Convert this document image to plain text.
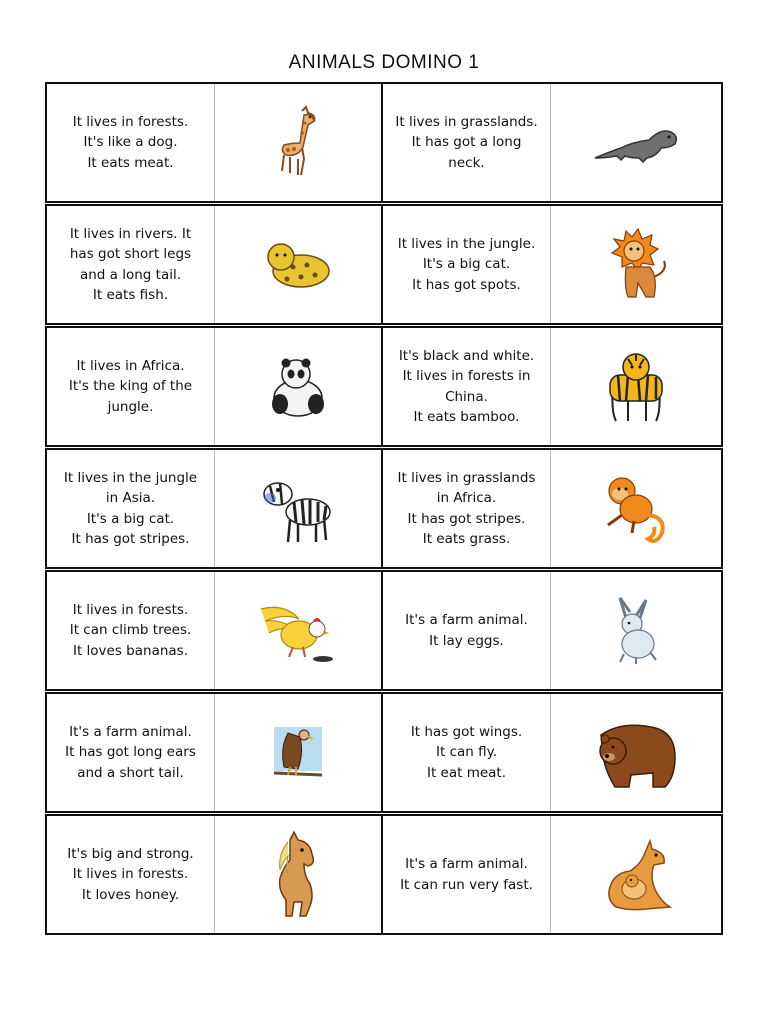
ANIMALS DOMINO 1
It lives in forests.
It's like a dog.
It eats meat.
It lives in grasslands.
It has got a long
neck.
It lives in rivers. It
has got short legs
and a long tail.
It eats fish.
It lives in the jungle.
It's a big cat.
It has got spots.
It lives in Africa.
It's the king of the
jungle.
It's black and white.
It lives in forests in
China.
It eats bamboo.
It lives in the jungle
in Asia.
It's a big cat.
It has got stripes.
It lives in grasslands
in Africa.
It has got stripes.
It eats grass.
It lives in forests.
It can climb trees.
It loves bananas.
It's a farm animal.
It lay eggs.
It's a farm animal.
It has got long ears
and a short tail.
It has got wings.
It can fly.
It eat meat.
It's big and strong.
It lives in forests.
It loves honey.
It's a farm animal.
It can run very fast.
